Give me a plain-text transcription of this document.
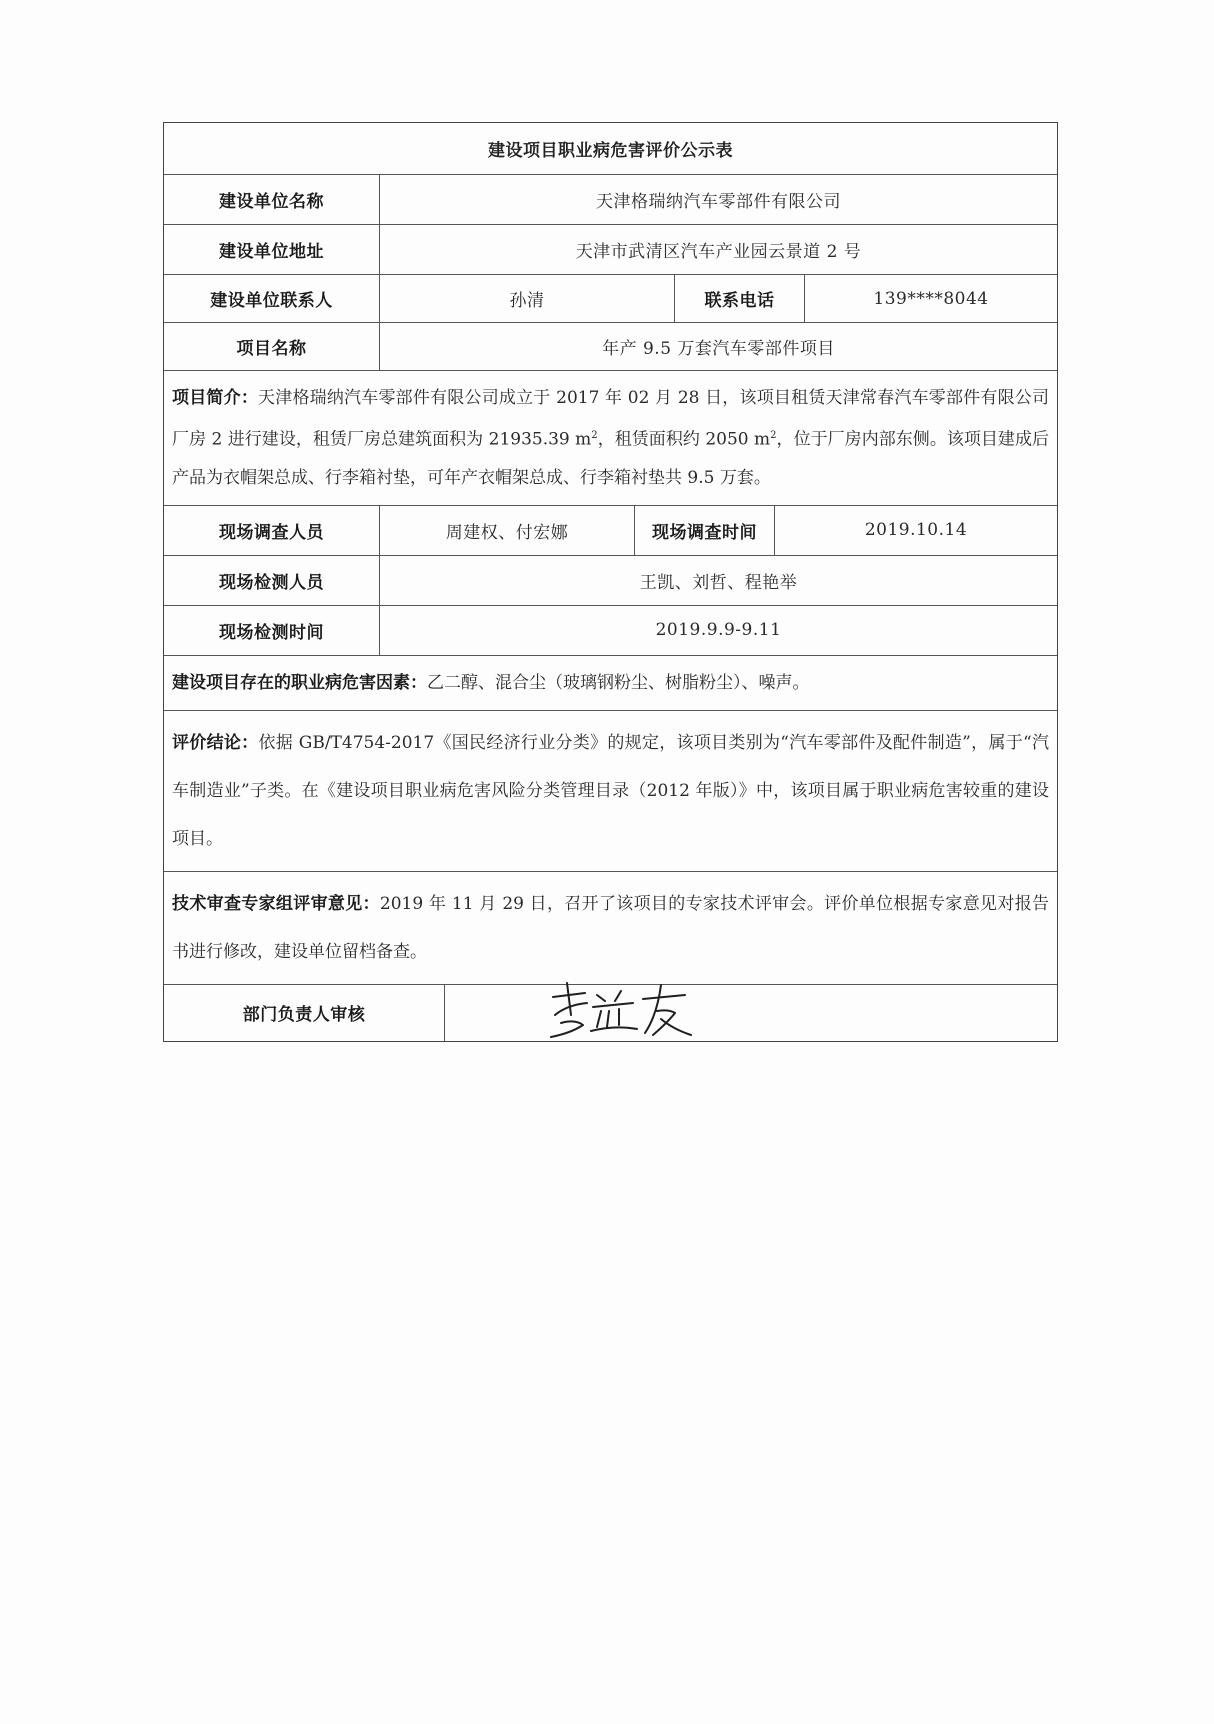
建设项目职业病危害评价公示表
建设单位名称	天津格瑞纳汽车零部件有限公司
建设单位地址	天津市武清区汽车产业园云景道 2 号
建设单位联系人	孙清	联系电话	139****8044
项目名称	年产 9.5 万套汽车零部件项目
项目简介：天津格瑞纳汽车零部件有限公司成立于 2017 年 02 月 28 日，该项目租赁天津常春汽车零部件有限公司厂房 2 进行建设，租赁厂房总建筑面积为 21935.39 $m^2$，租赁面积约 2050 $m^2$，位于厂房内部东侧。该项目建成后产品为衣帽架总成、行李箱衬垫，可年产衣帽架总成、行李箱衬垫共 9.5 万套。
现场调查人员	周建权、付宏娜	现场调查时间	2019.10.14
现场检测人员	王凯、刘哲、程艳举
现场检测时间	2019.9.9-9.11
建设项目存在的职业病危害因素：乙二醇、混合尘（玻璃钢粉尘、树脂粉尘）、噪声。
评价结论：依据 GB/T4754-2017《国民经济行业分类》的规定，该项目类别为“汽车零部件及配件制造”，属于“汽车制造业”子类。在《建设项目职业病危害风险分类管理目录（2012 年版）》中，该项目属于职业病危害较重的建设项目。
技术审查专家组评审意见：2019 年 11 月 29 日，召开了该项目的专家技术评审会。评价单位根据专家意见对报告书进行修改，建设单位留档备查。
部门负责人审核
